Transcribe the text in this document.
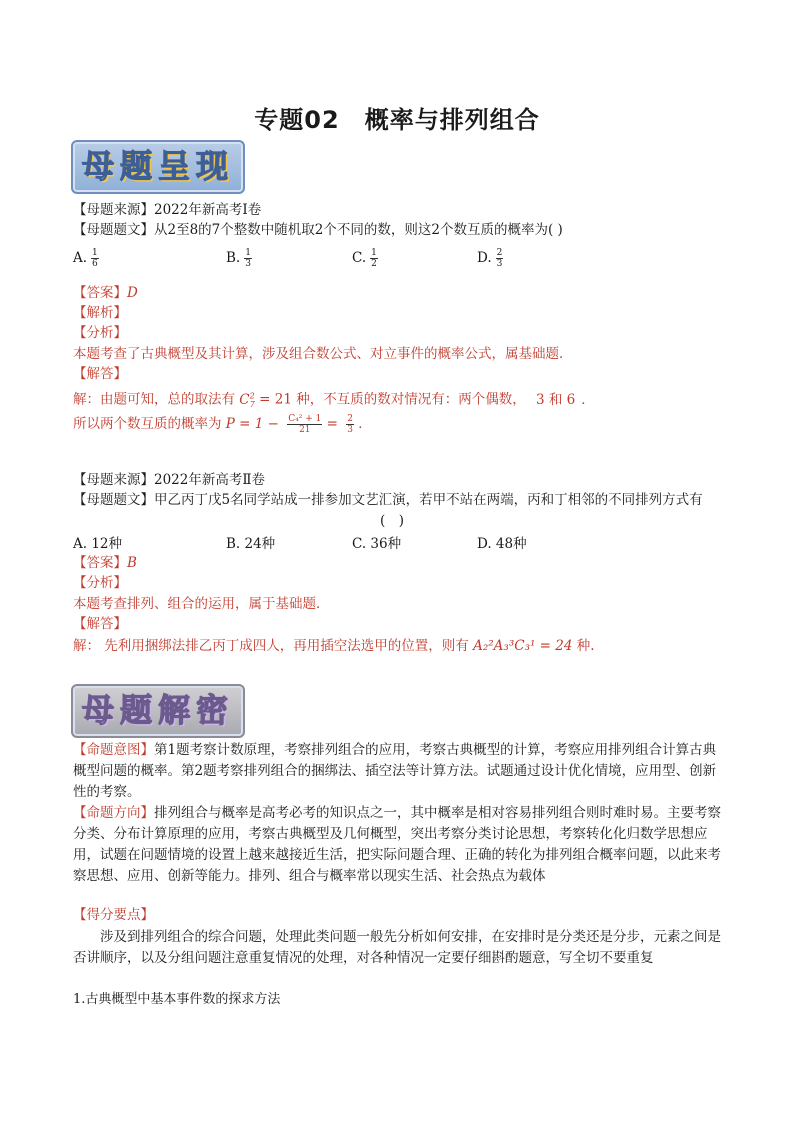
专题02　概率与排列组合
母题呈现
【母题来源】2022年新高考Ⅰ卷
【母题题文】从2至8的7个整数中随机取2个不同的数，则这2个数互质的概率为( )
A. $\frac{1}{6}$	B. $\frac{1}{3}$	C. $\frac{1}{2}$	D. $\frac{2}{3}$
【答案】D
【解析】
【分析】
本题考查了古典概型及其计算，涉及组合数公式、对立事件的概率公式，属基础题．
【解答】
解：由题可知，总的取法有 $C^2_7 = 21$ 种，不互质的数对情况有：两个偶数， 3 和 6 ．
所以两个数互质的概率为 $P = 1 - \frac{\text{C₄² + 1}}{21} = \frac{2}{3}$ ．
【母题来源】2022年新高考Ⅱ卷
【母题题文】甲乙丙丁戊5名同学站成一排参加文艺汇演，若甲不站在两端，丙和丁相邻的不同排列方式有
(　)
A. 12种	B. 24种	C. 36种	D. 48种
【答案】B
【分析】
本题考查排列、组合的运用，属于基础题．
【解答】
解： 先利用捆绑法排乙丙丁成四人，再用插空法选甲的位置，则有 A₂²A₃³C₃¹ = 24 种.
母题解密
【命题意图】第1题考察计数原理，考察排列组合的应用，考察古典概型的计算，考察应用排列组合计算古典概型问题的概率。第2题考察排列组合的捆绑法、插空法等计算方法。试题通过设计优化情境，应用型、创新性的考察。
【命题方向】排列组合与概率是高考必考的知识点之一，其中概率是相对容易排列组合则时难时易。主要考察分类、分布计算原理的应用，考察古典概型及几何概型，突出考察分类讨论思想，考察转化化归数学思想应用，试题在问题情境的设置上越来越接近生活，把实际问题合理、正确的转化为排列组合概率问题，以此来考察思想、应用、创新等能力。排列、组合与概率常以现实生活、社会热点为载体
【得分要点】
涉及到排列组合的综合问题，处理此类问题一般先分析如何安排，在安排时是分类还是分步，元素之间是否讲顺序，以及分组问题注意重复情况的处理，对各种情况一定要仔细斟酌题意，写全切不要重复
1.古典概型中基本事件数的探求方法
